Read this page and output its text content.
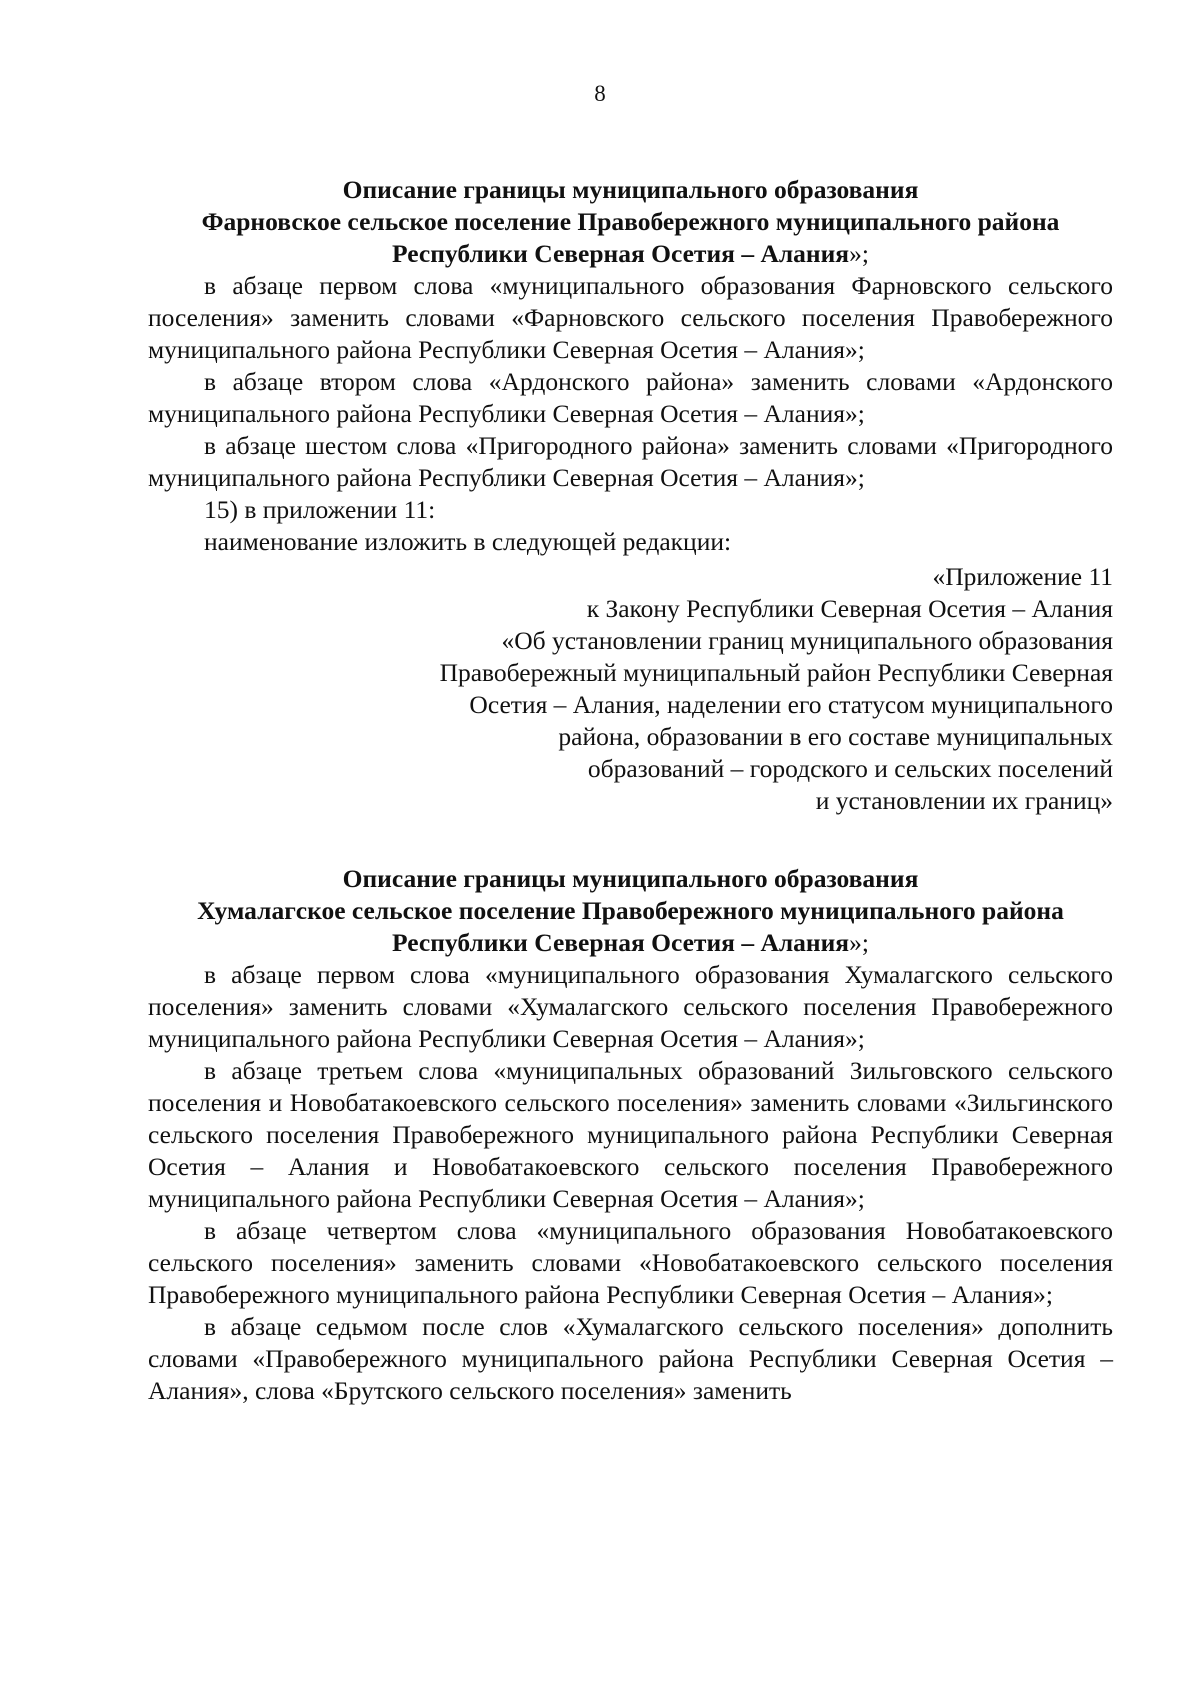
8

Описание границы муниципального образования

Фарновское сельское поселение Правобережного муниципального района

Республики Северная Осетия – Алания»;

в абзаце первом слова «муниципального образования Фарновского сельского поселения» заменить словами «Фарновского сельского поселения Правобережного муниципального района Республики Северная Осетия – Алания»;

в абзаце втором слова «Ардонского района» заменить словами «Ардонского муниципального района Республики Северная Осетия – Алания»;

в абзаце шестом слова «Пригородного района» заменить словами «Пригородного муниципального района Республики Северная Осетия – Алания»;

15) в приложении 11:

наименование изложить в следующей редакции:

«Приложение 11

к Закону Республики Северная Осетия – Алания

«Об установлении границ муниципального образования

Правобережный муниципальный район Республики Северная

Осетия – Алания, наделении его статусом муниципального

района, образовании в его составе муниципальных

образований – городского и сельских поселений

и установлении их границ»

Описание границы муниципального образования

Хумалагское сельское поселение Правобережного муниципального района

Республики Северная Осетия – Алания»;

в абзаце первом слова «муниципального образования Хумалагского сельского поселения» заменить словами «Хумалагского сельского поселения Правобережного муниципального района Республики Северная Осетия – Алания»;

в абзаце третьем слова «муниципальных образований Зильговского сельского поселения и Новобатакоевского сельского поселения» заменить словами «Зильгинского сельского поселения Правобережного муниципального района Республики Северная Осетия – Алания и Новобатакоевского сельского поселения Правобережного муниципального района Республики Северная Осетия – Алания»;

в абзаце четвертом слова «муниципального образования Новобатакоевского сельского поселения» заменить словами «Новобатакоевского сельского поселения Правобережного муниципального района Республики Северная Осетия – Алания»;

в абзаце седьмом после слов «Хумалагского сельского поселения» дополнить словами «Правобережного муниципального района Республики Северная Осетия – Алания», слова «Брутского сельского поселения» заменить
